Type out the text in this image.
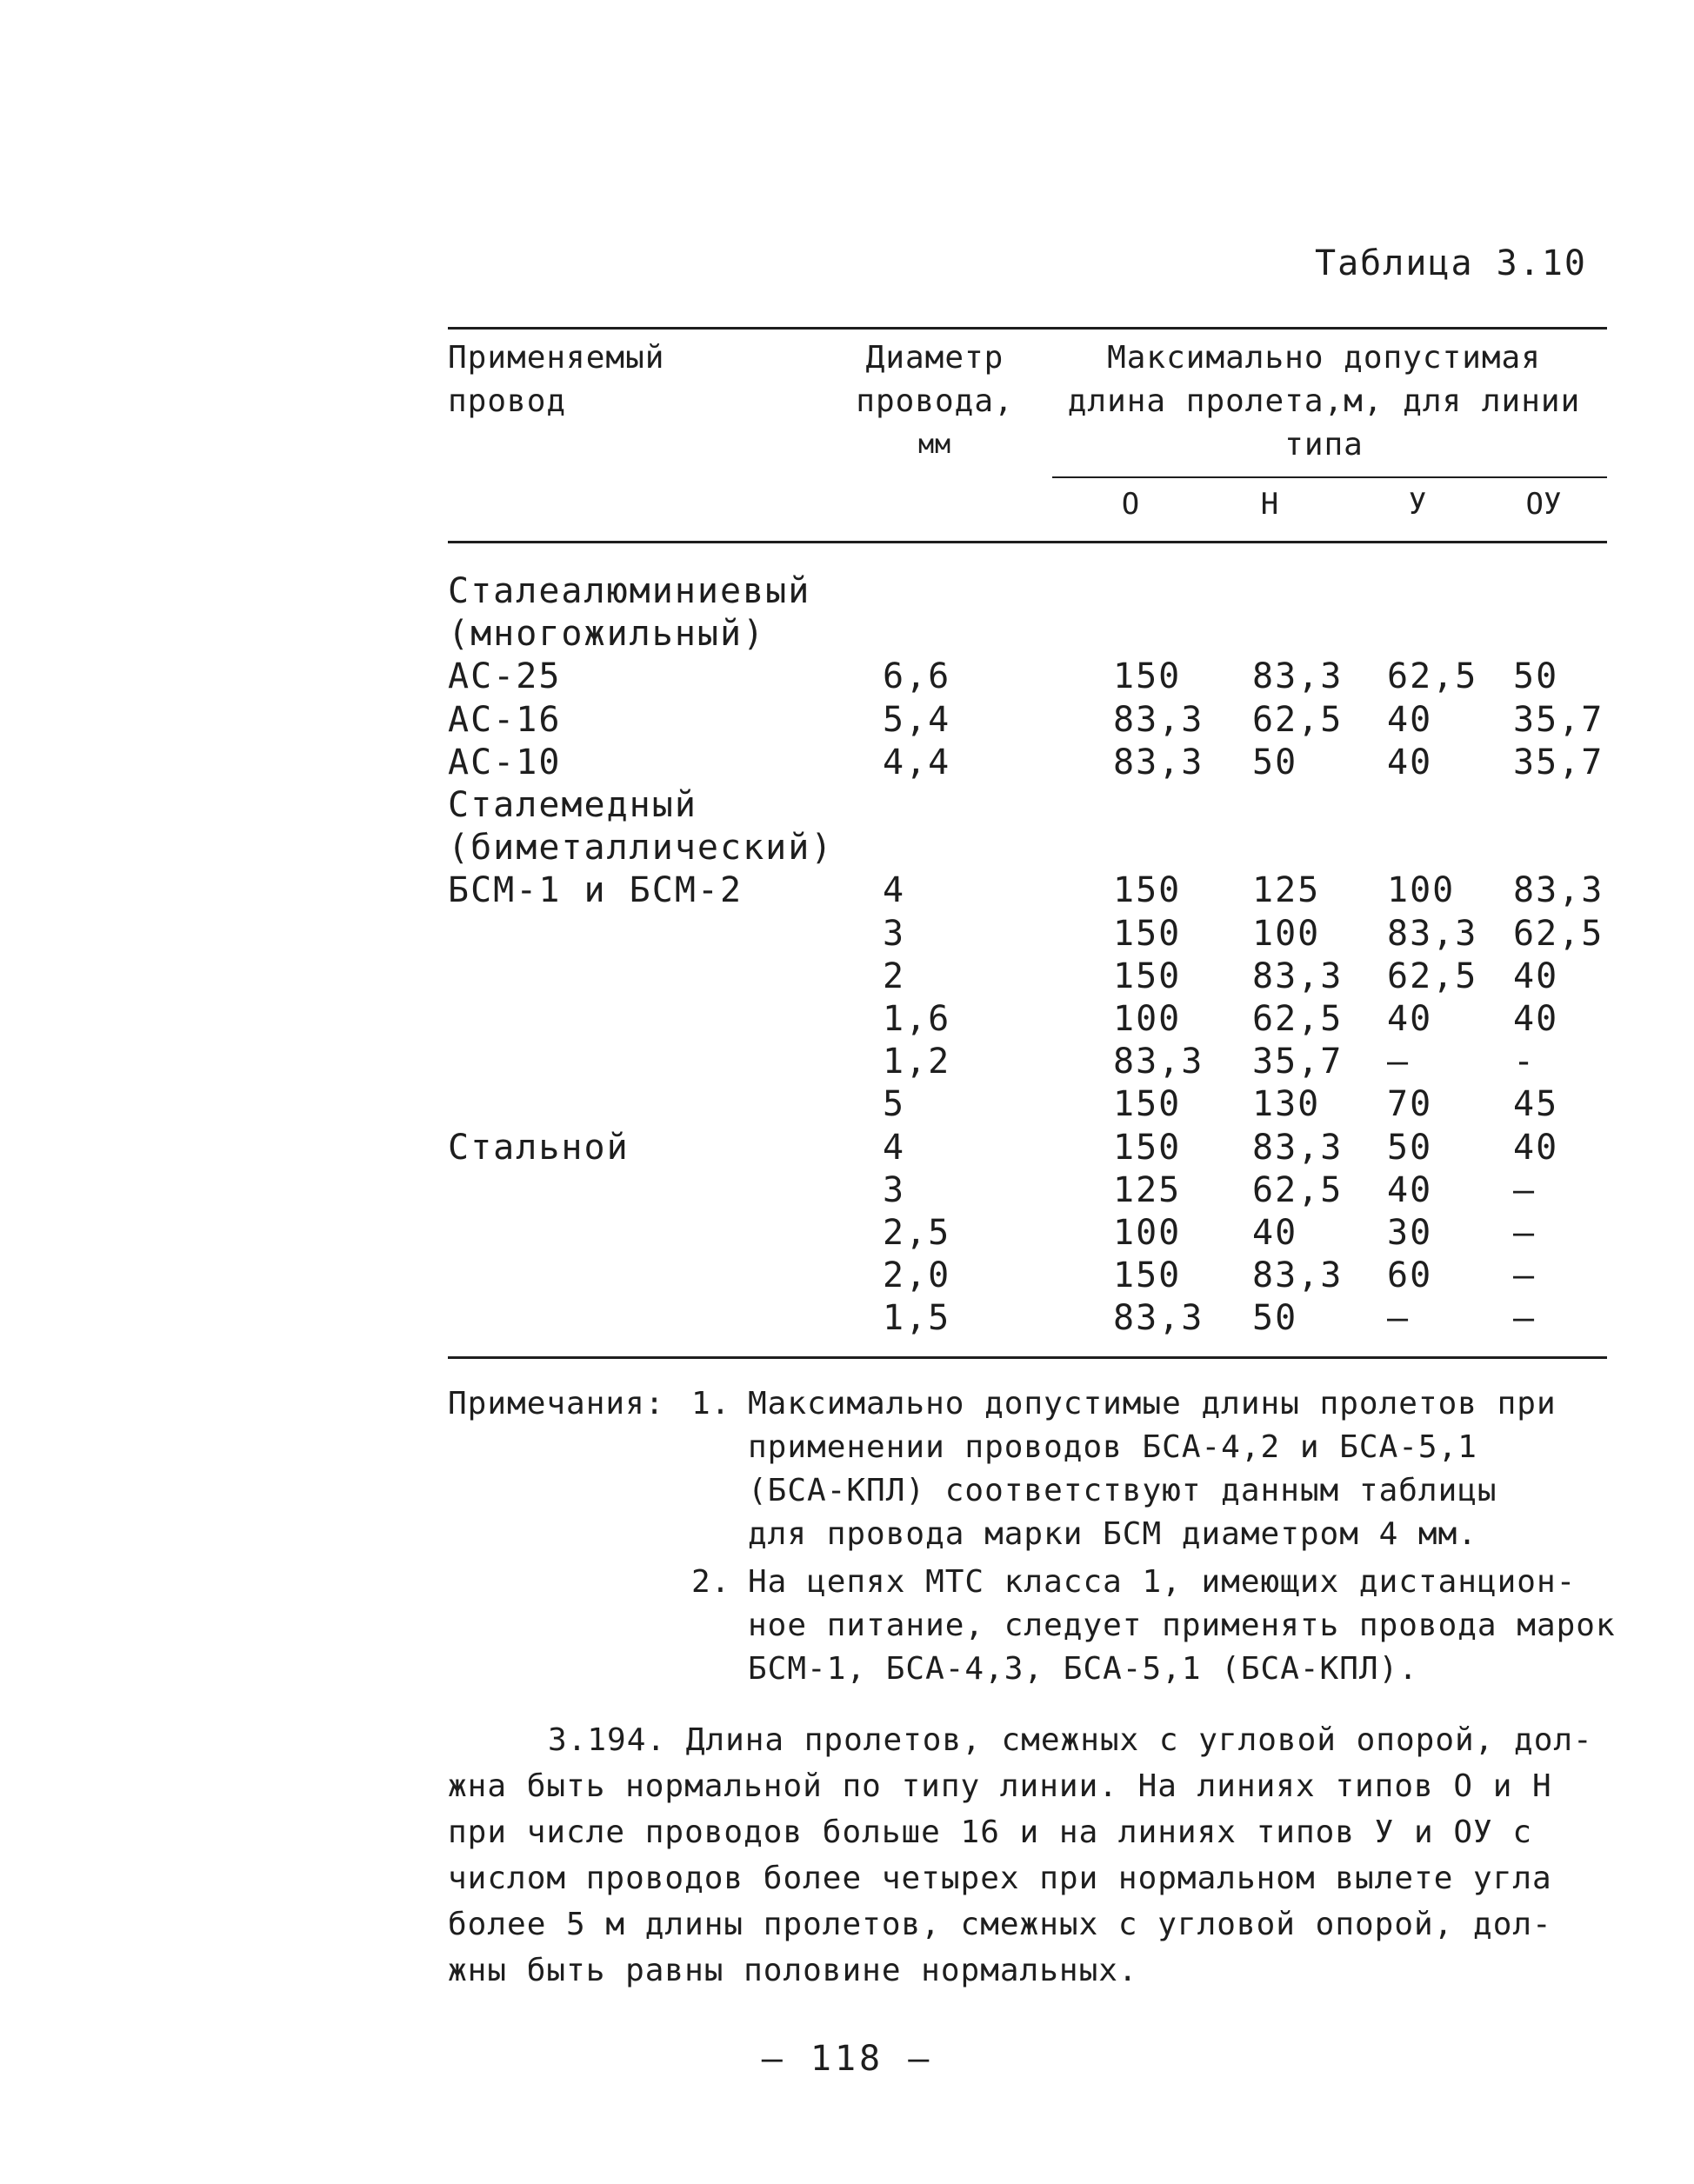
Таблица 3.10
Применяемый
провод
Диаметр
провода,
мм
Максимально допустимая
длина пролета,м, для линии
типа
О	Н	У	ОУ
Сталеалюминиевый
(многожильный)
АС-25	6,6	150 83,3 62,5 50
АС-16	5,4	83,3 62,5 40 35,7
АС-10	4,4	83,3 50	40 35,7
Сталемедный
(биметаллический)
БСМ-1 и БСМ-2	4	150 125 100 83,3
3	150 100 83,3 62,5
2	150 83,3 62,5 40
1,6	100 62,5 40 40
1,2	83,3 35,7 –	-
5	150 130 70 45
Стальной	4	150 83,3 50 40
3	125 62,5 40 –
2,5	100 40	30 –
2,0	150 83,3 60 –
1,5	83,3 50	–	–
Примечания: 1. Максимально допустимые длины пролетов при
применении проводов БСА-4,2 и БСА-5,1
(БСА-КПЛ) соответствуют данным таблицы
для провода марки БСМ диаметром 4 мм.
2. На цепях МТС класса 1, имеющих дистанцион-
ное питание, следует применять провода марок
БСМ-1, БСА-4,3, БСА-5,1 (БСА-КПЛ).
3.194. Длина пролетов, смежных с угловой опорой, дол-
жна быть нормальной по типу линии. На линиях типов О и Н
при числе проводов больше 16 и на линиях типов У и ОУ с
числом проводов более четырех при нормальном вылете угла
более 5 м длины пролетов, смежных с угловой опорой, дол-
жны быть равны половине нормальных.
– 118 –
